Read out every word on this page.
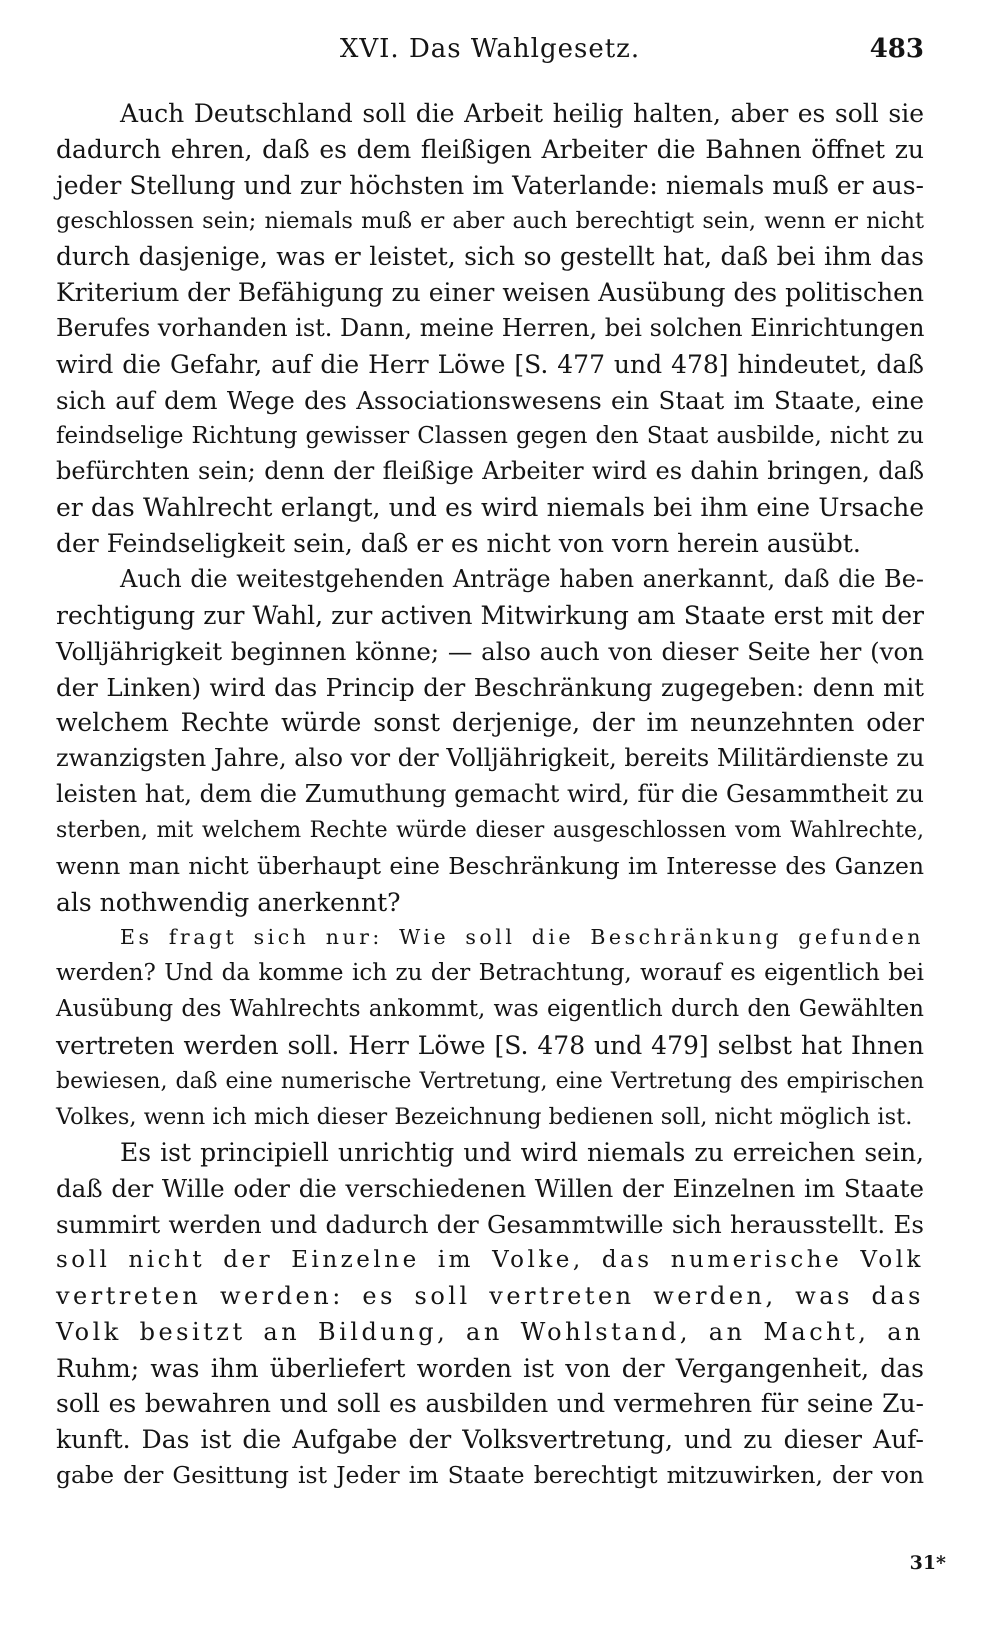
XVI. Das Wahlgesetz.	483
Auch Deutschland soll die Arbeit heilig halten, aber es soll sie
dadurch ehren, daß es dem fleißigen Arbeiter die Bahnen öffnet zu
jeder Stellung und zur höchsten im Vaterlande: niemals muß er aus-
geschlossen sein; niemals muß er aber auch berechtigt sein, wenn er nicht
durch dasjenige, was er leistet, sich so gestellt hat, daß bei ihm das
Kriterium der Befähigung zu einer weisen Ausübung des politischen
Berufes vorhanden ist. Dann, meine Herren, bei solchen Einrichtungen
wird die Gefahr, auf die Herr Löwe [S. 477 und 478] hindeutet, daß
sich auf dem Wege des Associationswesens ein Staat im Staate, eine
feindselige Richtung gewisser Classen gegen den Staat ausbilde, nicht zu
befürchten sein; denn der fleißige Arbeiter wird es dahin bringen, daß
er das Wahlrecht erlangt, und es wird niemals bei ihm eine Ursache
der Feindseligkeit sein, daß er es nicht von vorn herein ausübt.
Auch die weitestgehenden Anträge haben anerkannt, daß die Be-
rechtigung zur Wahl, zur activen Mitwirkung am Staate erst mit der
Volljährigkeit beginnen könne; — also auch von dieser Seite her (von
der Linken) wird das Princip der Beschränkung zugegeben: denn mit
welchem Rechte würde sonst derjenige, der im neunzehnten oder
zwanzigsten Jahre, also vor der Volljährigkeit, bereits Militärdienste zu
leisten hat, dem die Zumuthung gemacht wird, für die Gesammtheit zu
sterben, mit welchem Rechte würde dieser ausgeschlossen vom Wahlrechte,
wenn man nicht überhaupt eine Beschränkung im Interesse des Ganzen
als nothwendig anerkennt?
Es fragt sich nur: Wie soll die Beschränkung gefunden
werden? Und da komme ich zu der Betrachtung, worauf es eigentlich bei
Ausübung des Wahlrechts ankommt, was eigentlich durch den Gewählten
vertreten werden soll. Herr Löwe [S. 478 und 479] selbst hat Ihnen
bewiesen, daß eine numerische Vertretung, eine Vertretung des empirischen
Volkes, wenn ich mich dieser Bezeichnung bedienen soll, nicht möglich ist.
Es ist principiell unrichtig und wird niemals zu erreichen sein,
daß der Wille oder die verschiedenen Willen der Einzelnen im Staate
summirt werden und dadurch der Gesammtwille sich herausstellt. Es
soll nicht der Einzelne im Volke, das numerische Volk
vertreten werden: es soll vertreten werden, was das
Volk besitzt an Bildung, an Wohlstand, an Macht, an
Ruhm; was ihm überliefert worden ist von der Vergangenheit, das
soll es bewahren und soll es ausbilden und vermehren für seine Zu-
kunft. Das ist die Aufgabe der Volksvertretung, und zu dieser Auf-
gabe der Gesittung ist Jeder im Staate berechtigt mitzuwirken, der von
31*
